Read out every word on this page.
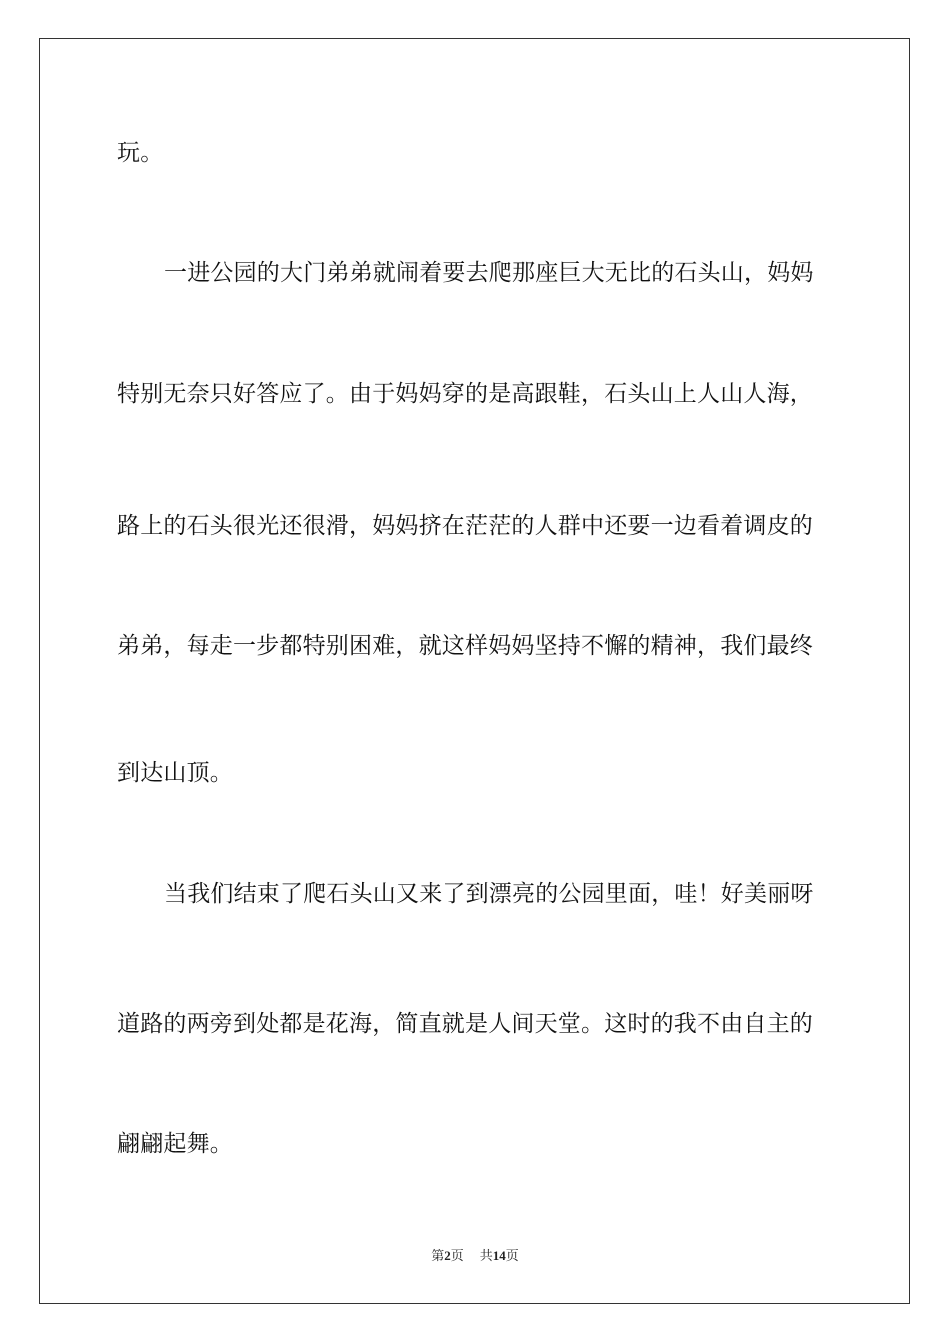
玩。
一进公园的大门弟弟就闹着要去爬那座巨大无比的石头山，妈妈
特别无奈只好答应了。由于妈妈穿的是高跟鞋，石头山上人山人海，
路上的石头很光还很滑，妈妈挤在茫茫的人群中还要一边看着调皮的
弟弟，每走一步都特别困难，就这样妈妈坚持不懈的精神，我们最终
到达山顶。
当我们结束了爬石头山又来了到漂亮的公园里面，哇！好美丽呀
道路的两旁到处都是花海，简直就是人间天堂。这时的我不由自主的
翩翩起舞。
第2页 共14页
